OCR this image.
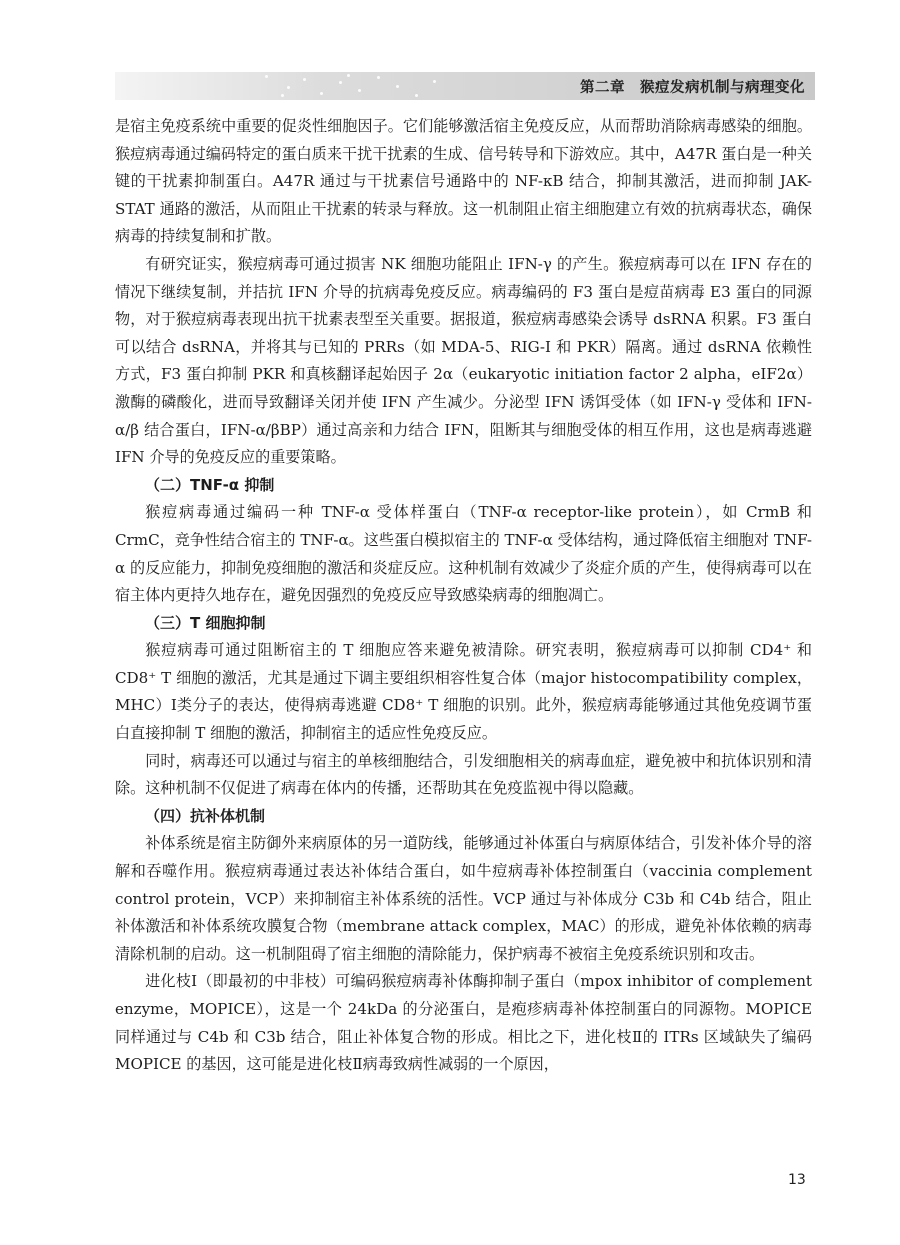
第二章　猴痘发病机制与病理变化

是宿主免疫系统中重要的促炎性细胞因子。它们能够激活宿主免疫反应，从而帮助消除病毒感染的细胞。猴痘病毒通过编码特定的蛋白质来干扰干扰素的生成、信号转导和下游效应。其中，A47R 蛋白是一种关键的干扰素抑制蛋白。A47R 通过与干扰素信号通路中的 NF-κB 结合，抑制其激活，进而抑制 JAK-STAT 通路的激活，从而阻止干扰素的转录与释放。这一机制阻止宿主细胞建立有效的抗病毒状态，确保病毒的持续复制和扩散。

有研究证实，猴痘病毒可通过损害 NK 细胞功能阻止 IFN-γ 的产生。猴痘病毒可以在 IFN 存在的情况下继续复制，并拮抗 IFN 介导的抗病毒免疫反应。病毒编码的 F3 蛋白是痘苗病毒 E3 蛋白的同源物，对于猴痘病毒表现出抗干扰素表型至关重要。据报道，猴痘病毒感染会诱导 dsRNA 积累。F3 蛋白可以结合 dsRNA，并将其与已知的 PRRs（如 MDA-5、RIG-I 和 PKR）隔离。通过 dsRNA 依赖性方式，F3 蛋白抑制 PKR 和真核翻译起始因子 2α（eukaryotic initiation factor 2 alpha，eIF2α）激酶的磷酸化，进而导致翻译关闭并使 IFN 产生减少。分泌型 IFN 诱饵受体（如 IFN-γ 受体和 IFN-α/β 结合蛋白，IFN-α/βBP）通过高亲和力结合 IFN，阻断其与细胞受体的相互作用，这也是病毒逃避 IFN 介导的免疫反应的重要策略。

（二）TNF-α 抑制

猴痘病毒通过编码一种 TNF-α 受体样蛋白（TNF-α receptor-like protein），如 CrmB 和 CrmC，竞争性结合宿主的 TNF-α。这些蛋白模拟宿主的 TNF-α 受体结构，通过降低宿主细胞对 TNF-α 的反应能力，抑制免疫细胞的激活和炎症反应。这种机制有效减少了炎症介质的产生，使得病毒可以在宿主体内更持久地存在，避免因强烈的免疫反应导致感染病毒的细胞凋亡。

（三）T 细胞抑制

猴痘病毒可通过阻断宿主的 T 细胞应答来避免被清除。研究表明，猴痘病毒可以抑制 CD4⁺ 和 CD8⁺ T 细胞的激活，尤其是通过下调主要组织相容性复合体（major histocompatibility complex，MHC）Ⅰ类分子的表达，使得病毒逃避 CD8⁺ T 细胞的识别。此外，猴痘病毒能够通过其他免疫调节蛋白直接抑制 T 细胞的激活，抑制宿主的适应性免疫反应。

同时，病毒还可以通过与宿主的单核细胞结合，引发细胞相关的病毒血症，避免被中和抗体识别和清除。这种机制不仅促进了病毒在体内的传播，还帮助其在免疫监视中得以隐藏。

（四）抗补体机制

补体系统是宿主防御外来病原体的另一道防线，能够通过补体蛋白与病原体结合，引发补体介导的溶解和吞噬作用。猴痘病毒通过表达补体结合蛋白，如牛痘病毒补体控制蛋白（vaccinia complement control protein，VCP）来抑制宿主补体系统的活性。VCP 通过与补体成分 C3b 和 C4b 结合，阻止补体激活和补体系统攻膜复合物（membrane attack complex，MAC）的形成，避免补体依赖的病毒清除机制的启动。这一机制阻碍了宿主细胞的清除能力，保护病毒不被宿主免疫系统识别和攻击。

进化枝Ⅰ（即最初的中非枝）可编码猴痘病毒补体酶抑制子蛋白（mpox inhibitor of complement enzyme，MOPICE），这是一个 24kDa 的分泌蛋白，是疱疹病毒补体控制蛋白的同源物。MOPICE 同样通过与 C4b 和 C3b 结合，阻止补体复合物的形成。相比之下，进化枝Ⅱ的 ITRs 区域缺失了编码 MOPICE 的基因，这可能是进化枝Ⅱ病毒致病性减弱的一个原因，

13
